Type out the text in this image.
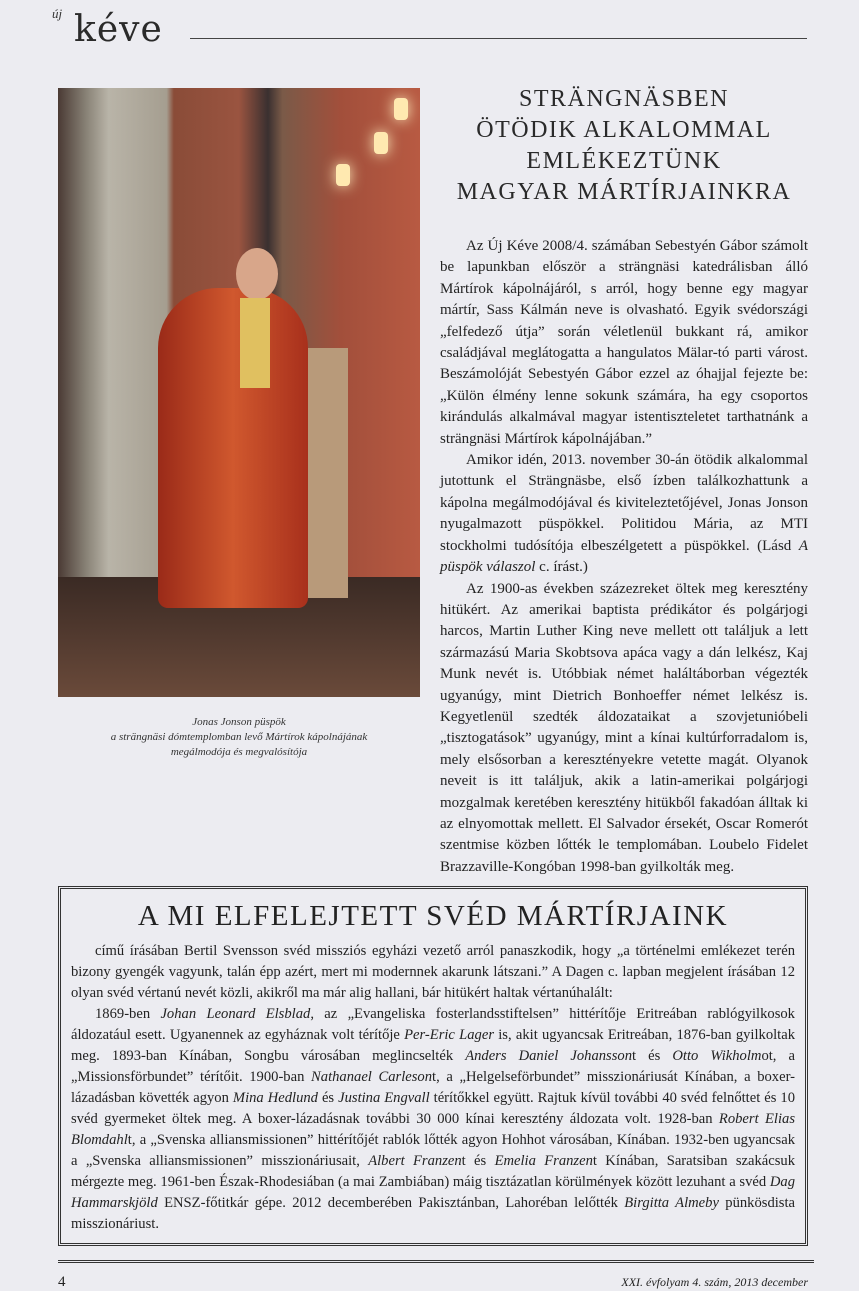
új kéve
Jonas Jonson püspök
a strängnäsi dómtemplomban levő Mártírok kápolnájának
megálmodója és megvalósítója
STRÄNGNÄSBEN
ÖTÖDIK ALKALOMMAL
EMLÉKEZTÜNK
MAGYAR MÁRTÍRJAINKRA

Az Új Kéve 2008/4. számában Sebestyén Gábor számolt be lapunkban először a strängnäsi katedrálisban álló Mártírok kápolnájáról, s arról, hogy benne egy magyar mártír, Sass Kálmán neve is olvasható. Egyik svédországi „felfedező útja” során véletlenül bukkant rá, amikor családjával meglátogatta a hangulatos Mälar-tó parti várost. Beszámolóját Sebestyén Gábor ezzel az óhajjal fejezte be: „Külön élmény lenne sokunk számára, ha egy csoportos kirándulás alkalmával magyar istentiszteletet tarthatnánk a strängnäsi Mártírok kápolnájában.”

Amikor idén, 2013. november 30-án ötödik alkalommal jutottunk el Strängnäsbe, első ízben találkozhattunk a kápolna megálmodójával és kiviteleztetőjével, Jonas Jonson nyugalmazott püspökkel. Politidou Mária, az MTI stockholmi tudósítója elbeszélgetett a püspökkel. (Lásd A püspök válaszol c. írást.)

Az 1900-as években százezreket öltek meg keresztény hitükért. Az amerikai baptista prédikátor és polgárjogi harcos, Martin Luther King neve mellett ott találjuk a lett származású Maria Skobtsova apáca vagy a dán lelkész, Kaj Munk nevét is. Utóbbiak német haláltáborban végezték ugyanúgy, mint Dietrich Bonhoeffer német lelkész is. Kegyetlenül szedték áldozataikat a szovjetunióbeli „tisztogatások” ugyanúgy, mint a kínai kultúrforradalom is, mely elsősorban a keresztényekre vetette magát. Olyanok neveit is itt találjuk, akik a latin-amerikai polgárjogi mozgalmak keretében keresztény hitükből fakadóan álltak ki az elnyomottak mellett. El Salvador érsekét, Oscar Romerót szentmise közben lőtték le templomában. Loubelo Fidelet Brazzaville-Kongóban 1998-ban gyilkolták meg.

A MI ELFELEJTETT SVÉD MÁRTÍRJAINK

című írásában Bertil Svensson svéd missziós egyházi vezető arról panaszkodik, hogy „a történelmi emlékezet terén bizony gyengék vagyunk, talán épp azért, mert mi modernnek akarunk látszani.” A Dagen c. lapban megjelent írásában 12 olyan svéd vértanú nevét közli, akikről ma már alig hallani, bár hitükért haltak vértanúhalált:

1869-ben Johan Leonard Elsblad, az „Evangeliska fosterlandsstiftelsen” hittérítője Eritreában rablógyilkosok áldozatául esett. Ugyanennek az egyháznak volt térítője Per-Eric Lager is, akit ugyancsak Eritreában, 1876-ban gyilkoltak meg. 1893-ban Kínában, Songbu városában meglincselték Anders Daniel Johanssont és Otto Wikholmot, a „Missionsförbundet” térítőit. 1900-ban Nathanael Carlesont, a „Helgelseförbundet” misszionáriusát Kínában, a boxer-lázadásban követték agyon Mina Hedlund és Justina Engvall térítőkkel együtt. Rajtuk kívül további 40 svéd felnőttet és 10 svéd gyermeket öltek meg. A boxer-lázadásnak további 30 000 kínai keresztény áldozata volt. 1928-ban Robert Elias Blomdahlt, a „Svenska alliansmissionen” hittérítőjét rablók lőtték agyon Hohhot városában, Kínában. 1932-ben ugyancsak a „Svenska alliansmissionen” misszionáriusait, Albert Franzent és Emelia Franzent Kínában, Saratsiban szakácsuk mérgezte meg. 1961-ben Észak-Rhodesiában (a mai Zambiában) máig tisztázatlan körülmények között lezuhant a svéd Dag Hammarskjöld ENSZ-főtitkár gépe. 2012 decemberében Pakisztánban, Lahoréban lelőtték Birgitta Almeby pünkösdista misszionáriust.

4	XXI. évfolyam 4. szám, 2013 december
